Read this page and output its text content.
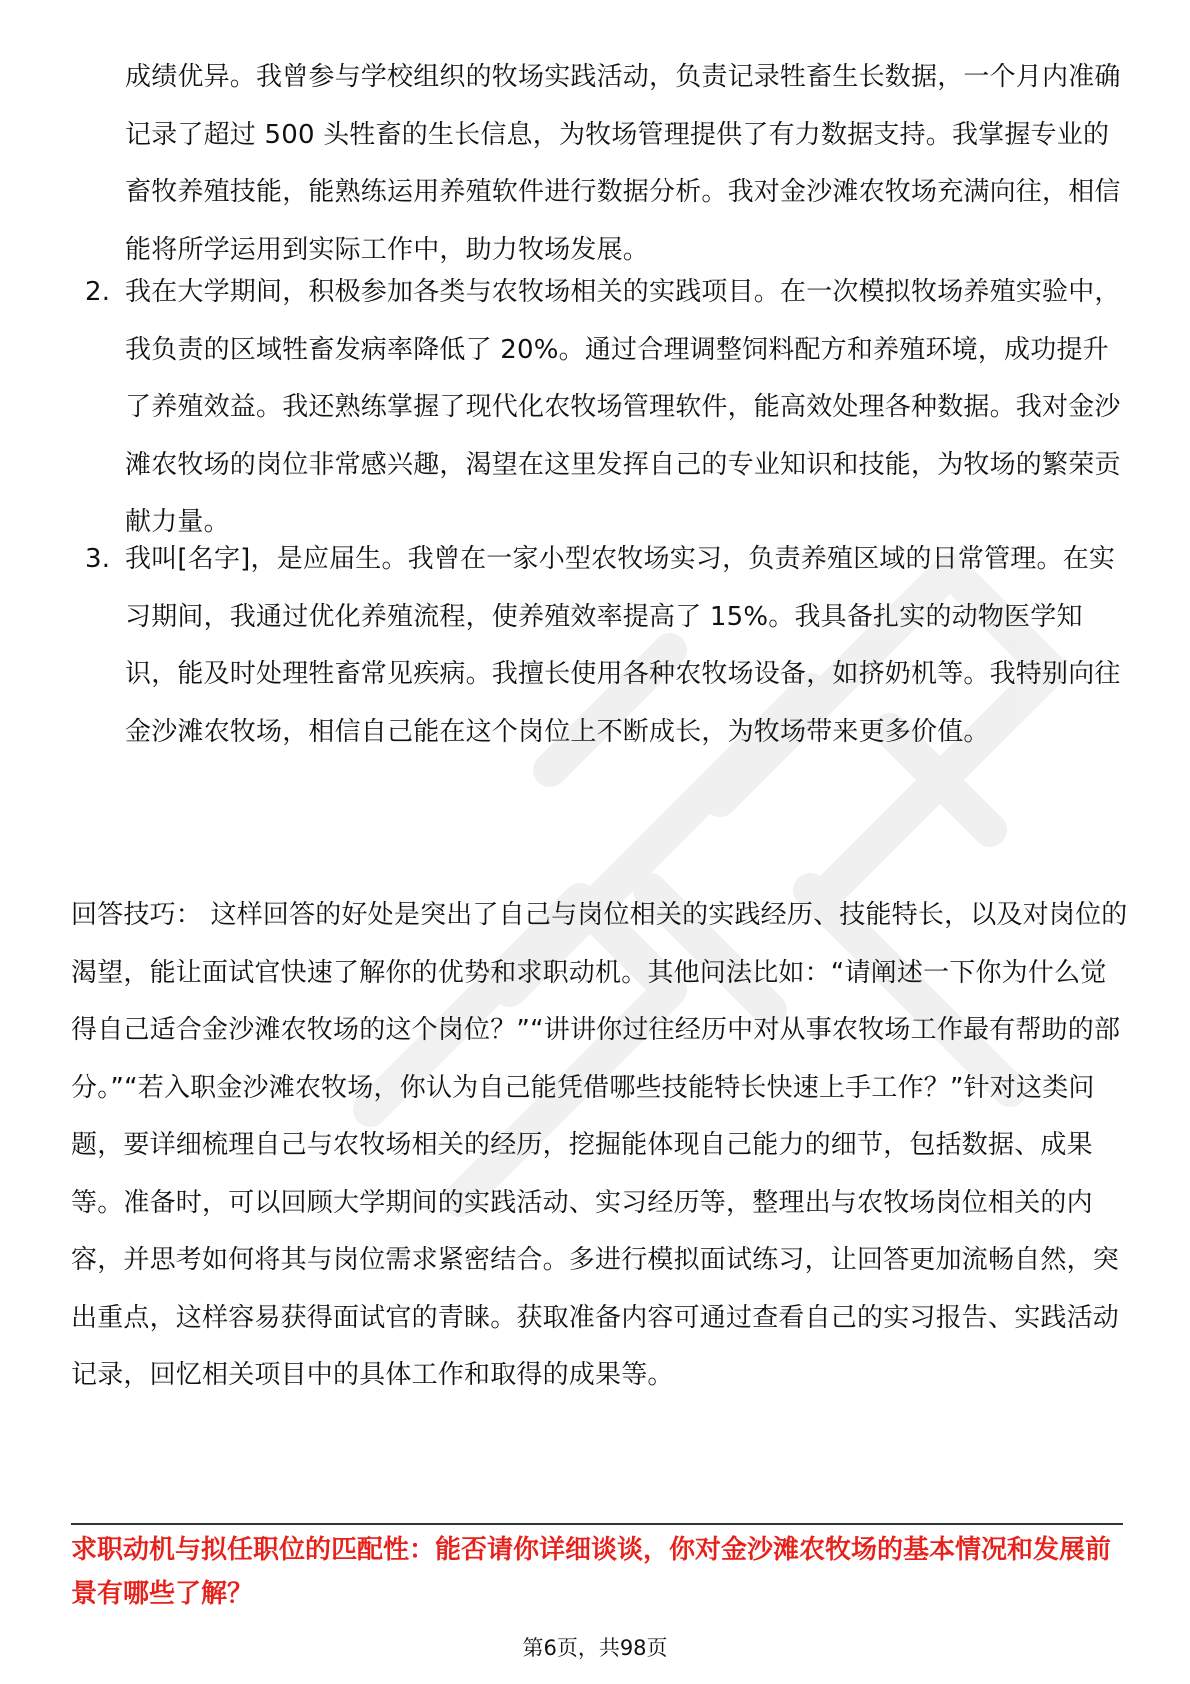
成绩优异。我曾参与学校组织的牧场实践活动，负责记录牲畜生长数据，一个月内准确记录了超过 500 头牲畜的生长信息，为牧场管理提供了有力数据支持。我掌握专业的畜牧养殖技能，能熟练运用养殖软件进行数据分析。我对金沙滩农牧场充满向往，相信能将所学运用到实际工作中，助力牧场发展。
2. 我在大学期间，积极参加各类与农牧场相关的实践项目。在一次模拟牧场养殖实验中，我负责的区域牲畜发病率降低了 20%。通过合理调整饲料配方和养殖环境，成功提升了养殖效益。我还熟练掌握了现代化农牧场管理软件，能高效处理各种数据。我对金沙滩农牧场的岗位非常感兴趣，渴望在这里发挥自己的专业知识和技能，为牧场的繁荣贡献力量。
3. 我叫[名字]，是应届生。我曾在一家小型农牧场实习，负责养殖区域的日常管理。在实习期间，我通过优化养殖流程，使养殖效率提高了 15%。我具备扎实的动物医学知识，能及时处理牲畜常见疾病。我擅长使用各种农牧场设备，如挤奶机等。我特别向往金沙滩农牧场，相信自己能在这个岗位上不断成长，为牧场带来更多价值。
回答技巧： 这样回答的好处是突出了自己与岗位相关的实践经历、技能特长，以及对岗位的渴望，能让面试官快速了解你的优势和求职动机。其他问法比如：“请阐述一下你为什么觉得自己适合金沙滩农牧场的这个岗位？”“讲讲你过往经历中对从事农牧场工作最有帮助的部分。”“若入职金沙滩农牧场，你认为自己能凭借哪些技能特长快速上手工作？”针对这类问题，要详细梳理自己与农牧场相关的经历，挖掘能体现自己能力的细节，包括数据、成果等。准备时，可以回顾大学期间的实践活动、实习经历等，整理出与农牧场岗位相关的内容，并思考如何将其与岗位需求紧密结合。多进行模拟面试练习，让回答更加流畅自然，突出重点，这样容易获得面试官的青睐。获取准备内容可通过查看自己的实习报告、实践活动记录，回忆相关项目中的具体工作和取得的成果等。
求职动机与拟任职位的匹配性：能否请你详细谈谈，你对金沙滩农牧场的基本情况和发展前景有哪些了解？
第6页，共98页
